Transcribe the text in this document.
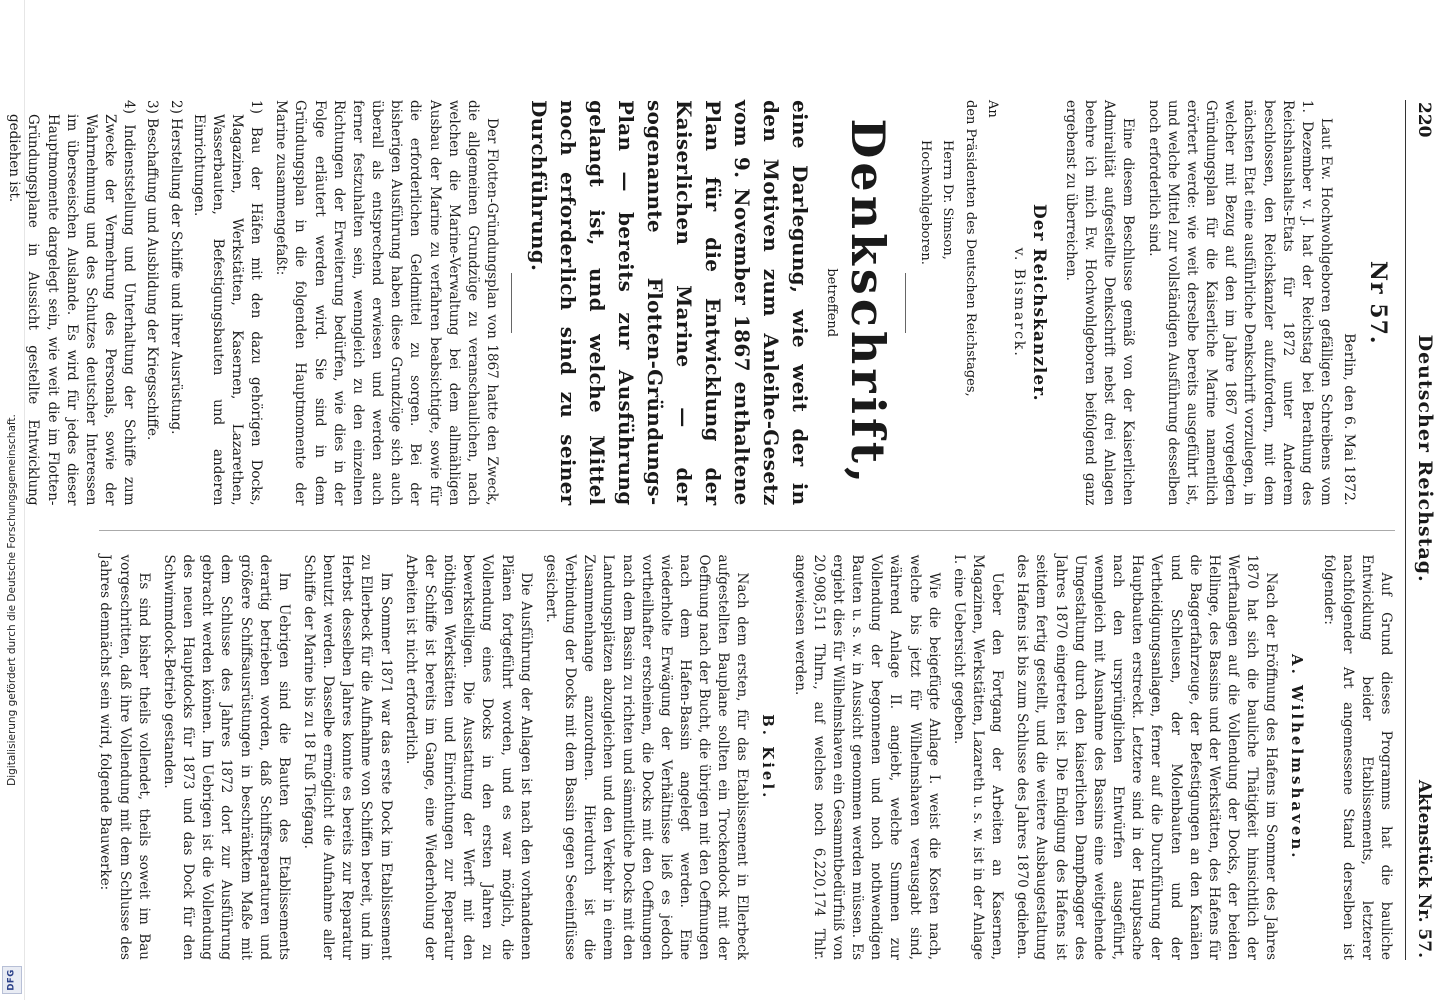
Digitalisierung gefördert durch die Deutsche Forschungsgemeinschaft.
DFG
220
Deutscher Reichstag.
Aktenstück Nr. 57.
Nr 57.
Berlin, den 6. Mai 1872.

Laut Ew. Hochwohlgeboren gefälligen Schreibens vom 1. Dezember v. J. hat der Reichstag bei Berathung des Reichshaushalts-Etats für 1872 unter Anderem beschlossen, den Reichskanzler aufzufordern, mit dem nächsten Etat eine ausführliche Denkschrift vorzulegen, in welcher mit Bezug auf den im Jahre 1867 vorgelegten Gründungsplan für die Kaiserliche Marine namentlich erörtert werde: wie weit derselbe bereits ausgeführt ist, und welche Mittel zur vollständigen Ausführung desselben noch erforderlich sind.

Eine diesem Beschlusse gemäß von der Kaiserlichen Admiralität aufgestellte Denkschrift nebst drei Anlagen beehre ich mich Ew. Hochwohlgeboren beifolgend ganz ergebenst zu überreichen.

Der Reichskanzler.
v. Bismarck.
An
den Präsidenten des Deutschen Reichstages,
Herrn Dr. Simson,
Hochwohlgeboren.
Denkschrift,
betreffend

eine Darlegung, wie weit der in den Motiven zum Anleihe-Gesetz vom 9. November 1867 enthaltene Plan für die Entwicklung der Kaiserlichen Marine — der sogenannte Flotten-Gründungs-Plan — bereits zur Ausführung gelangt ist, und welche Mittel noch erforderlich sind zu seiner Durchführung.

Der Flotten-Gründungsplan von 1867 hatte den Zweck, die allgemeinen Grundzüge zu veranschaulichen, nach welchen die Marine-Verwaltung bei dem allmähligen Ausbau der Marine zu verfahren beabsichtigte, sowie für die erforderlichen Geldmittel zu sorgen. Bei der bisherigen Ausführung haben diese Grundzüge sich auch überall als entsprechend erwiesen und werden auch ferner festzuhalten sein, wenngleich zu den einzelnen Richtungen der Erweiterung bedürfen, wie dies in der Folge erläutert werden wird. Sie sind in dem Gründungsplan in die folgenden Hauptmomente der Marine zusammengefaßt:

1) Bau der Häfen mit den dazu gehörigen Docks, Magazinen, Werkstätten, Kasernen, Lazarethen, Wasserbauten, Befestigungsbauten und anderen Einrichtungen.
2) Herstellung der Schiffe und ihrer Ausrüstung.
3) Beschaffung und Ausbildung der Kriegsschiffe.
4) Indienststellung und Unterhaltung der Schiffe zum Zwecke der Vermehrung des Personals, sowie der Wahrnehmung und des Schutzes deutscher Interessen im überseeischen Auslande. Es wird für jedes dieser Hauptmomente dargelegt sein, wie weit die im Flotten-Gründungsplane in Aussicht gestellte Entwicklung gediehen ist.

Auf Grund dieses Programms hat die bauliche Entwicklung beider Etablissements, letzterer nachfolgender Art angemessene Stand derselben ist folgender:

A. Wilhelmshaven.

Nach der Eröffnung des Hafens im Sommer des Jahres 1870 hat sich die bauliche Thätigkeit hinsichtlich der Werftanlagen auf die Vollendung der Docks, der beiden Hellinge, des Bassins und der Werkstätten, des Hafens für die Baggerfahrzeuge, der Befestigungen an den Kanälen und Schleusen, der Molenbauten und der Vertheidigungsanlagen, ferner auf die Durchführung der Hauptbauten erstreckt. Letztere sind in der Hauptsache nach den ursprünglichen Entwürfen ausgeführt, wenngleich mit Ausnahme des Bassins eine weitgehende Umgestaltung durch den kaiserlichen Dampfbagger des Jahres 1870 eingetreten ist. Die Endigung des Hafens ist seitdem fertig gestellt, und die weitere Ausbaugestaltung des Hafens ist bis zum Schlusse des Jahres 1870 gediehen.

Ueber den Fortgang der Arbeiten an Kasernen, Magazinen, Werkstätten, Lazareth u. s. w. ist in der Anlage I. eine Uebersicht gegeben.

Wie die beigefügte Anlage I. weist die Kosten nach, welche bis jetzt für Wilhelmshaven verausgabt sind, während Anlage II. angiebt, welche Summen zur Vollendung der begonnenen und noch nothwendigen Bauten u. s. w. in Aussicht genommen werden müssen. Es ergiebt dies für Wilhelmshaven ein Gesammtbedürfniß von 20,908,511 Thlrn., auf welches noch 6,220,174 Thlr. angewiesen werden.

B. Kiel.

Nach dem ersten, für das Etablissement in Ellerbeck aufgestellten Bauplane sollten ein Trockendock mit der Oeffnung nach der Bucht, die übrigen mit den Oeffnungen nach dem Hafen-Bassin angelegt werden. Eine wiederholte Erwägung der Verhältnisse ließ es jedoch vortheilhafter erscheinen, die Docks mit den Oeffnungen nach dem Bassin zu richten und sämmtliche Docks mit den Landungsplätzen abzugleichen und den Verkehr in einem Zusammenhange anzuordnen. Hierdurch ist die Verbindung der Docks mit dem Bassin gegen Seeeinflüsse gesichert.

Die Ausführung der Anlagen ist nach den vorhandenen Plänen fortgeführt worden, und es war möglich, die Vollendung eines Docks in den ersten Jahren zu bewerkstelligen. Die Ausstattung der Werft mit den nöthigen Werkstätten und Einrichtungen zur Reparatur der Schiffe ist bereits im Gange, eine Wiederholung der Arbeiten ist nicht erforderlich.

Im Sommer 1871 war das erste Dock im Etablissement zu Ellerbeck für die Aufnahme von Schiffen bereit, und im Herbst desselben Jahres konnte es bereits zur Reparatur benutzt werden. Dasselbe ermöglicht die Aufnahme aller Schiffe der Marine bis zu 18 Fuß Tiefgang.

Im Uebrigen sind die Bauten des Etablissements derartig betrieben worden, daß Schiffsreparaturen und größere Schiffsausrüstungen in beschränktem Maße mit dem Schlusse des Jahres 1872 dort zur Ausführung gebracht werden können. Im Uebrigen ist die Vollendung des neuen Hauptdocks für 1873 und das Dock für den Schwimmdock-Betrieb gestanden.

Es sind bisher theils vollendet, theils soweit im Bau vorgeschritten, daß ihre Vollendung mit dem Schlusse des Jahres demnächst sein wird, folgende Bauwerke:
